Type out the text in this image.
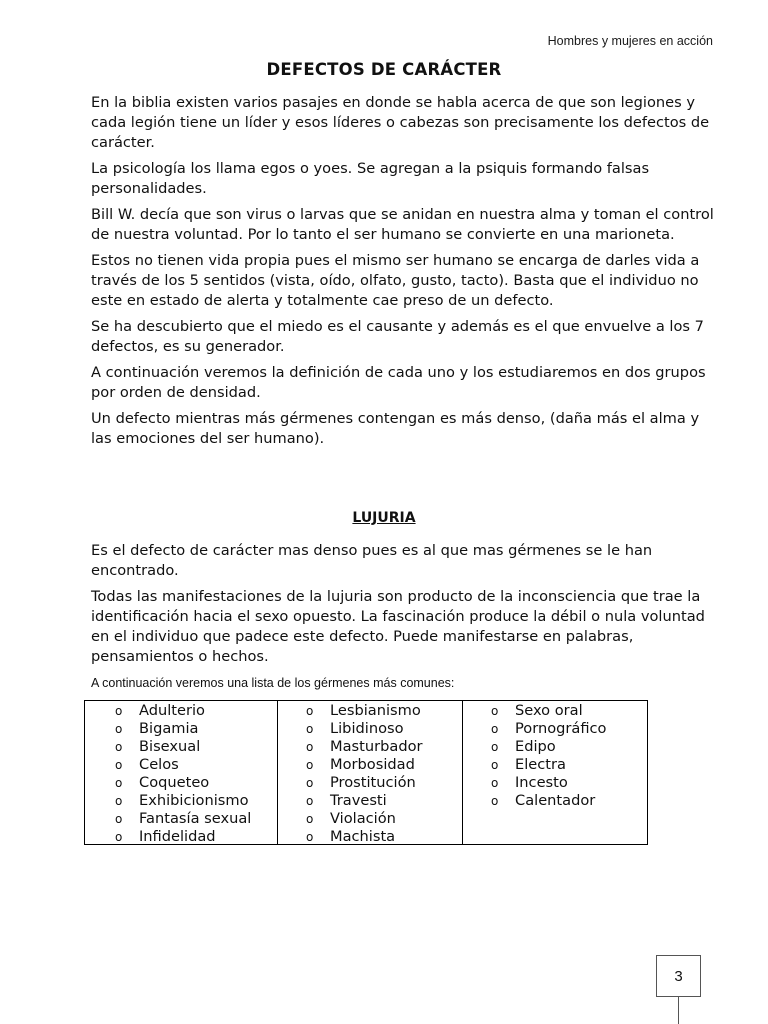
Hombres y mujeres en acción
DEFECTOS DE CARÁCTER

En la biblia existen varios pasajes en donde se habla acerca de que son legiones y cada legión tiene un líder y esos líderes o cabezas son precisamente los defectos de carácter.

La psicología los llama egos o yoes. Se agregan a la psiquis formando falsas personalidades.

Bill W. decía que son virus o larvas que se anidan en nuestra alma y toman el control de nuestra voluntad. Por lo tanto el ser humano se convierte en una marioneta.

Estos no tienen vida propia pues el mismo ser humano se encarga de darles vida a través de los 5 sentidos (vista, oído, olfato, gusto, tacto). Basta que el individuo no este en estado de alerta y totalmente cae preso de un defecto.

Se ha descubierto que el miedo es el causante y además es el que envuelve a los 7 defectos, es su generador.

A continuación veremos la definición de cada uno y los estudiaremos en dos grupos por orden de densidad.

Un defecto mientras más gérmenes contengan es más denso, (daña más el alma y las emociones del ser humano).

LUJURIA

Es el defecto de carácter mas denso pues es al que mas gérmenes se le han encontrado.

Todas las manifestaciones de la lujuria son producto de la inconsciencia que trae la identificación hacia el sexo opuesto. La fascinación produce la débil o nula voluntad en el individuo que padece este defecto. Puede manifestarse en palabras, pensamientos o hechos.

A continuación veremos una lista de los gérmenes más comunes:
o	Adulterio
o	Bigamia
o	Bisexual
o	Celos
o	Coqueteo
o	Exhibicionismo
o	Fantasía sexual
o	Infidelidad
o	Lesbianismo
o	Libidinoso
o	Masturbador
o	Morbosidad
o	Prostitución
o	Travesti
o	Violación
o	Machista
o	Sexo oral
o	Pornográfico
o	Edipo
o	Electra
o	Incesto
o	Calentador
3
